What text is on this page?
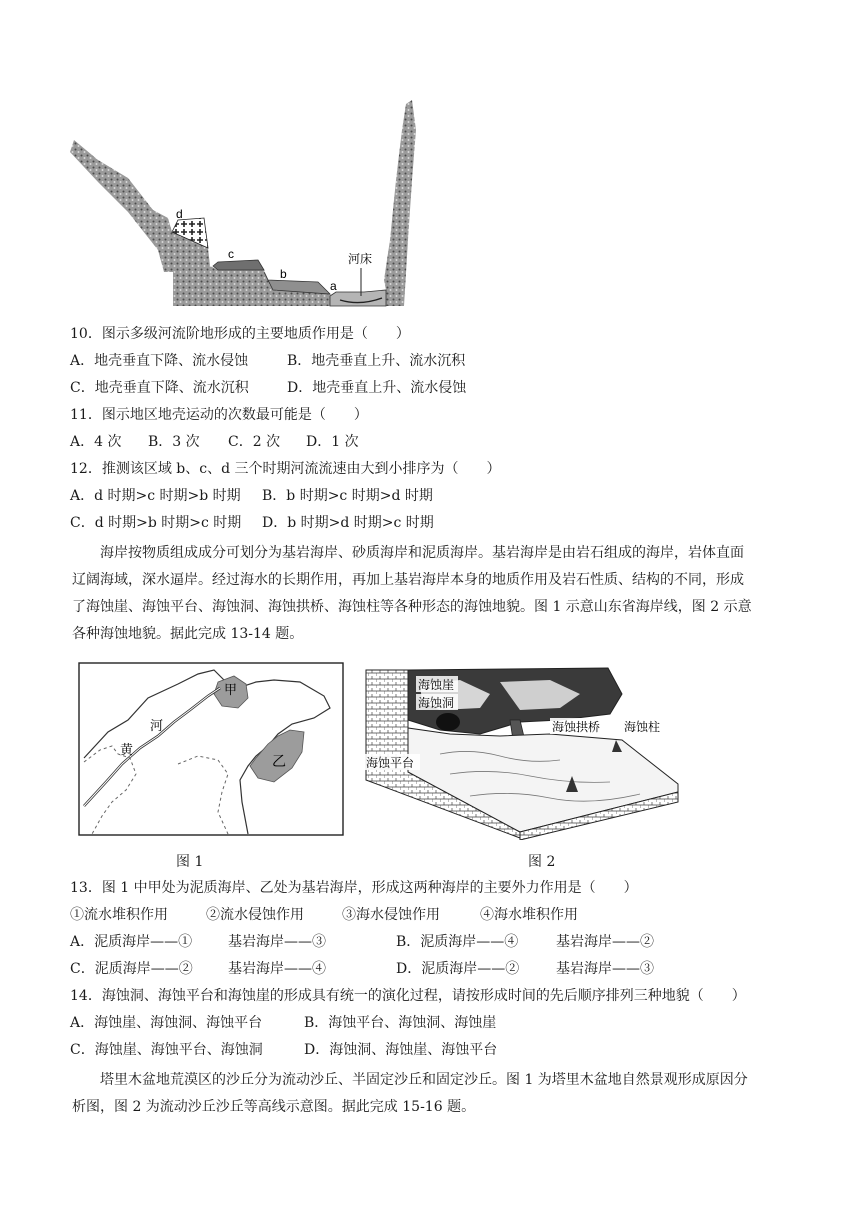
d
c
b
a
河床
10．图示多级河流阶地形成的主要地质作用是（　　）
A．地壳垂直下降、流水侵蚀	B．地壳垂直上升、流水沉积
C．地壳垂直下降、流水沉积	D．地壳垂直上升、流水侵蚀
11．图示地区地壳运动的次数最可能是（　　）
A．4 次 B．3 次 C．2 次 D．1 次
12．推测该区域 b、c、d 三个时期河流流速由大到小排序为（　　）
A．d 时期>c 时期>b 时期 B．b 时期>c 时期>d 时期
C．d 时期>b 时期>c 时期 D．b 时期>d 时期>c 时期
海岸按物质组成成分可划分为基岩海岸、砂质海岸和泥质海岸。基岩海岸是由岩石组成的海岸，岩体直面
辽阔海域，深水逼岸。经过海水的长期作用，再加上基岩海岸本身的地质作用及岩石性质、结构的不同，形成
了海蚀崖、海蚀平台、海蚀洞、海蚀拱桥、海蚀柱等各种形态的海蚀地貌。图 1 示意山东省海岸线，图 2 示意
各种海蚀地貌。据此完成 13-14 题。
甲
乙
河
黄
海蚀崖
海蚀洞
海蚀拱桥 海蚀柱
海蚀平台
图 1	图 2
13．图 1 中甲处为泥质海岸、乙处为基岩海岸，形成这两种海岸的主要外力作用是（　　）
①流水堆积作用	②流水侵蚀作用	③海水侵蚀作用	④海水堆积作用
A．泥质海岸——①	基岩海岸——③	B．泥质海岸——④	基岩海岸——②
C．泥质海岸——②	基岩海岸——④	D．泥质海岸——②	基岩海岸——③
14．海蚀洞、海蚀平台和海蚀崖的形成具有统一的演化过程，请按形成时间的先后顺序排列三种地貌（　　）
A．海蚀崖、海蚀洞、海蚀平台	B．海蚀平台、海蚀洞、海蚀崖
C．海蚀崖、海蚀平台、海蚀洞	D．海蚀洞、海蚀崖、海蚀平台
塔里木盆地荒漠区的沙丘分为流动沙丘、半固定沙丘和固定沙丘。图 1 为塔里木盆地自然景观形成原因分
析图，图 2 为流动沙丘沙丘等高线示意图。据此完成 15-16 题。
